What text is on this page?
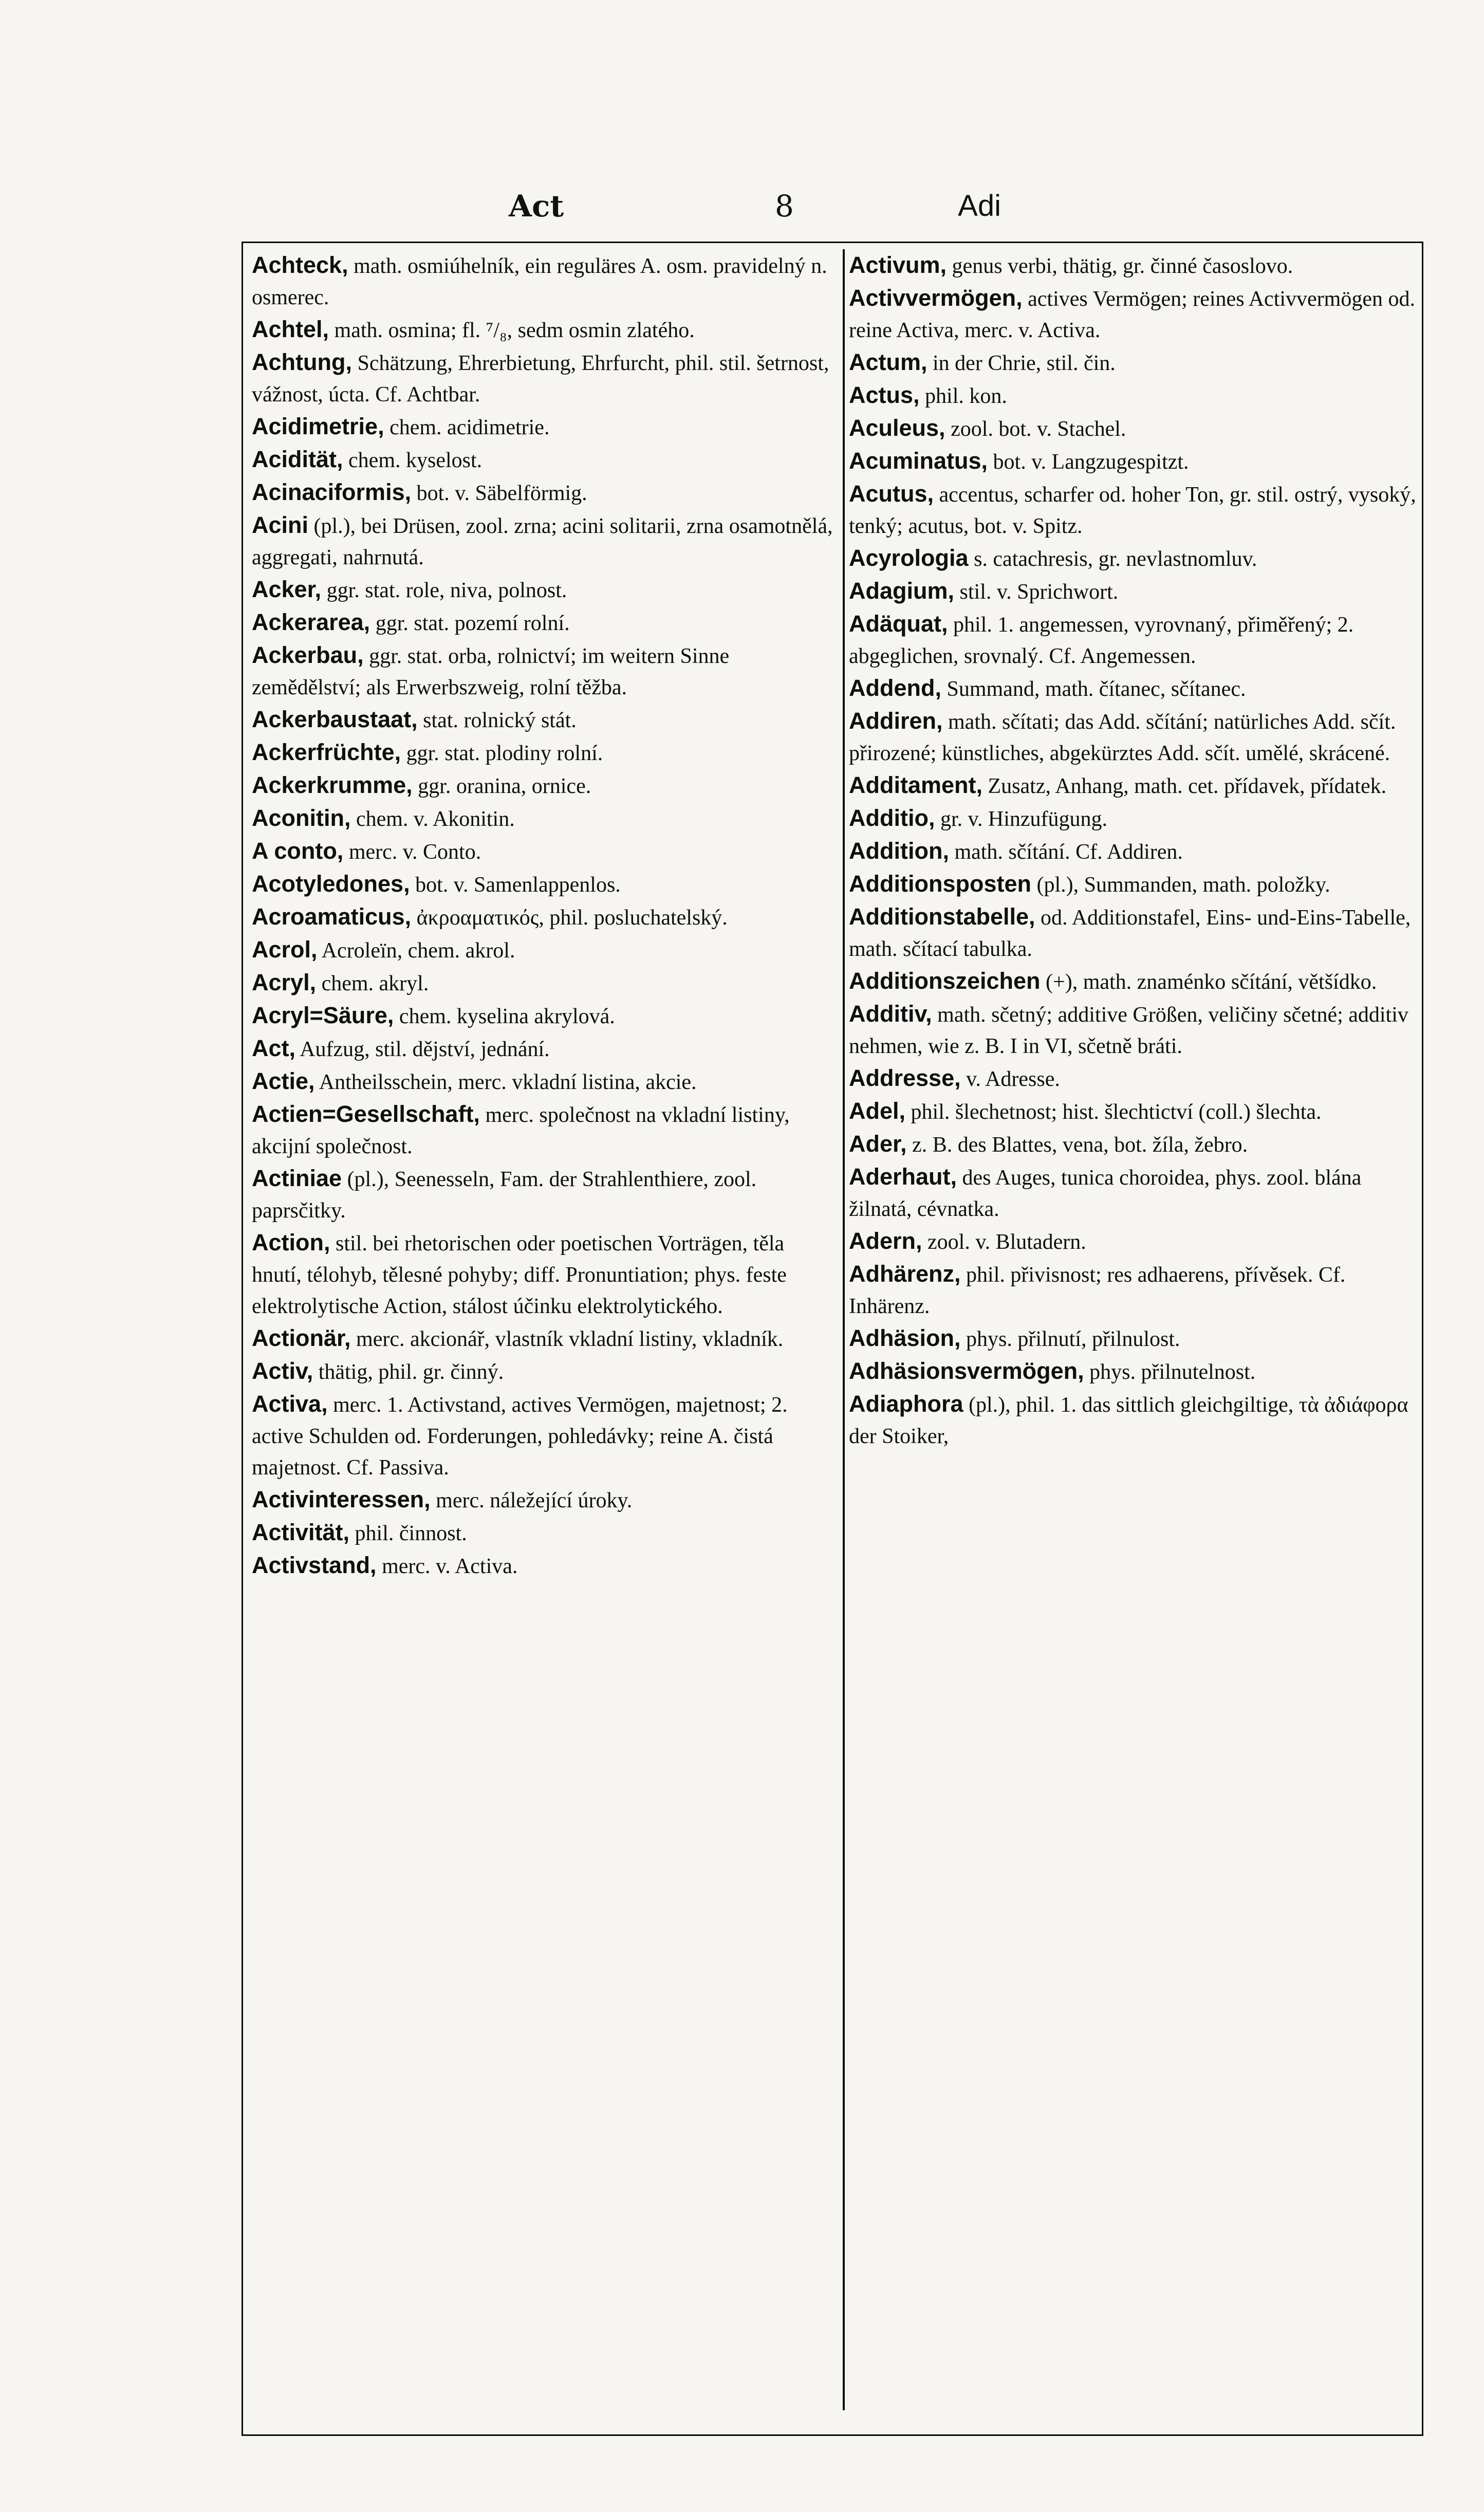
Act	8	Adi

Achteck, math. osmiúhelník, ein reguläres A. osm. pravidelný n. osmerec.

Achtel, math. osmina; fl. ⁷/₈, sedm osmin zlatého.

Achtung, Schätzung, Ehrerbietung, Ehrfurcht, phil. stil. šetrnost, vážnost, úcta. Cf. Achtbar.

Acidimetrie, chem. acidimetrie.

Acidität, chem. kyselost.

Acinaciformis, bot. v. Säbelförmig.

Acini (pl.), bei Drüsen, zool. zrna; acini solitarii, zrna osamotnělá, aggregati, nahrnutá.

Acker, ggr. stat. role, niva, polnost.

Ackerarea, ggr. stat. pozemí rolní.

Ackerbau, ggr. stat. orba, rolnictví; im weitern Sinne zemědělství; als Erwerbszweig, rolní těžba.

Ackerbaustaat, stat. rolnický stát.

Ackerfrüchte, ggr. stat. plodiny rolní.

Ackerkrumme, ggr. oranina, ornice.

Aconitin, chem. v. Akonitin.

A conto, merc. v. Conto.

Acotyledones, bot. v. Samenlappenlos.

Acroamaticus, ἀκροαματικός, phil. posluchatelský.

Acrol, Acroleïn, chem. akrol.

Acryl, chem. akryl.

Acryl=Säure, chem. kyselina akrylová.

Act, Aufzug, stil. dějství, jednání.

Actie, Antheilsschein, merc. vkladní listina, akcie.

Actien=Gesellschaft, merc. společnost na vkladní listiny, akcijní společnost.

Actiniae (pl.), Seenesseln, Fam. der Strahlenthiere, zool. paprsčitky.

Action, stil. bei rhetorischen oder poetischen Vorträgen, těla hnutí, télohyb, tělesné pohyby; diff. Pronuntiation; phys. feste elektrolytische Action, stálost účinku elektrolytického.

Actionär, merc. akcionář, vlastník vkladní listiny, vkladník.

Activ, thätig, phil. gr. činný.

Activa, merc. 1. Activstand, actives Vermögen, majetnost; 2. active Schulden od. Forderungen, pohledávky; reine A. čistá majetnost. Cf. Passiva.

Activinteressen, merc. náležející úroky.

Activität, phil. činnost.

Activstand, merc. v. Activa.

Activum, genus verbi, thätig, gr. činné časoslovo.

Activvermögen, actives Vermögen; reines Activvermögen od. reine Activa, merc. v. Activa.

Actum, in der Chrie, stil. čin.

Actus, phil. kon.

Aculeus, zool. bot. v. Stachel.

Acuminatus, bot. v. Langzugespitzt.

Acutus, accentus, scharfer od. hoher Ton, gr. stil. ostrý, vysoký, tenký; acutus, bot. v. Spitz.

Acyrologia s. catachresis, gr. nevlastnomluv.

Adagium, stil. v. Sprichwort.

Adäquat, phil. 1. angemessen, vyrovnaný, přiměřený; 2. abgeglichen, srovnalý. Cf. Angemessen.

Addend, Summand, math. čítanec, sčítanec.

Addiren, math. sčítati; das Add. sčítání; natürliches Add. sčít. přirozené; künstliches, abgekürztes Add. sčít. umělé, skrácené.

Additament, Zusatz, Anhang, math. cet. přídavek, přídatek.

Additio, gr. v. Hinzufügung.

Addition, math. sčítání. Cf. Addiren.

Additionsposten (pl.), Summanden, math. položky.

Additionstabelle, od. Additionstafel, Eins- und-Eins-Tabelle, math. sčítací tabulka.

Additionszeichen (+), math. znaménko sčítání, většídko.

Additiv, math. sčetný; additive Größen, veličiny sčetné; additiv nehmen, wie z. B. I in VI, sčetně bráti.

Addresse, v. Adresse.

Adel, phil. šlechetnost; hist. šlechtictví (coll.) šlechta.

Ader, z. B. des Blattes, vena, bot. žíla, žebro.

Aderhaut, des Auges, tunica choroidea, phys. zool. blána žilnatá, cévnatka.

Adern, zool. v. Blutadern.

Adhärenz, phil. přivisnost; res adhaerens, přívěsek. Cf. Inhärenz.

Adhäsion, phys. přilnutí, přilnulost.

Adhäsionsvermögen, phys. přilnutelnost.

Adiaphora (pl.), phil. 1. das sittlich gleichgiltige, τὰ ἀδιάφορα der Stoiker,
